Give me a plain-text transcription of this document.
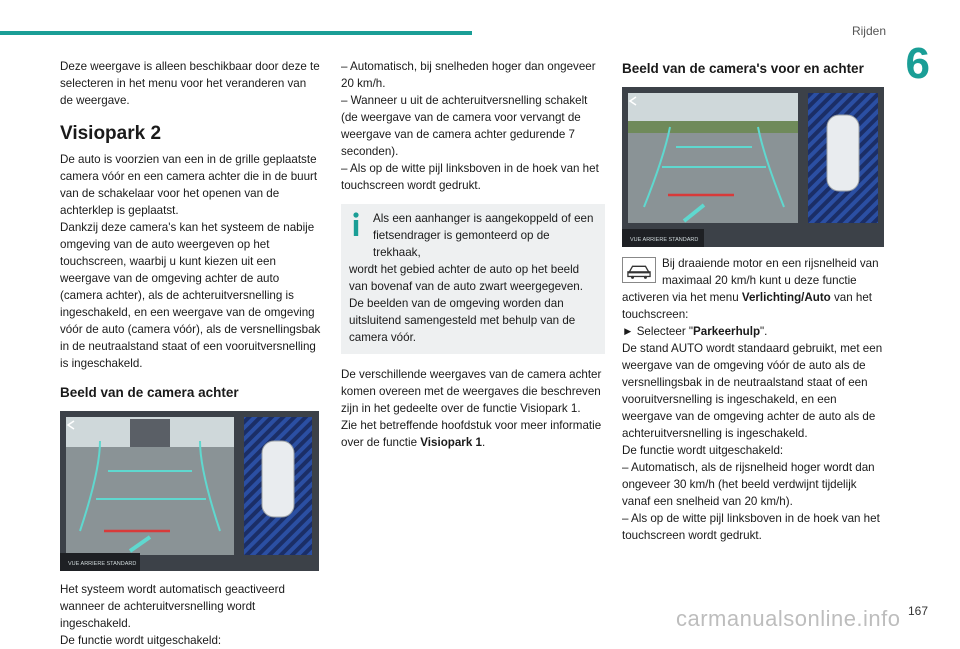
Rijden
6

Deze weergave is alleen beschikbaar door deze te selecteren in het menu voor het veranderen van de weergave.

Visiopark 2

De auto is voorzien van een in de grille geplaatste camera vóór en een camera achter die in de buurt van de schakelaar voor het openen van de achterklep is geplaatst.
Dankzij deze camera's kan het systeem de nabije omgeving van de auto weergeven op het touchscreen, waarbij u kunt kiezen uit een weergave van de omgeving achter de auto (camera achter), als de achteruitversnelling is ingeschakeld, en een weergave van de omgeving vóór de auto (camera vóór), als de versnellingsbak in de neutraalstand staat of een vooruitversnelling is ingeschakeld.

Beeld van de camera achter
VUE ARRIERE STANDARD

Het systeem wordt automatisch geactiveerd wanneer de achteruitversnelling wordt ingeschakeld.
De functie wordt uitgeschakeld:

– Automatisch, bij snelheden hoger dan ongeveer 20 km/h.
– Wanneer u uit de achteruitversnelling schakelt (de weergave van de camera voor vervangt de weergave van de camera achter gedurende 7 seconden).
– Als op de witte pijl linksboven in de hoek van het touchscreen wordt gedrukt.

Als een aanhanger is aangekoppeld of een fietsendrager is gemonteerd op de trekhaak,

wordt het gebied achter de auto op het beeld van bovenaf van de auto zwart weergegeven.
De beelden van de omgeving worden dan uitsluitend samengesteld met behulp van de camera vóór.

De verschillende weergaves van de camera achter komen overeen met de weergaves die beschreven zijn in het gedeelte over de functie Visiopark 1.
Zie het betreffende hoofdstuk voor meer informatie over de functie Visiopark 1.

Beeld van de camera's voor en achter
VUE ARRIERE STANDARD

Bij draaiende motor en een rijsnelheid van maximaal 20 km/h kunt u deze functie

activeren via het menu Verlichting/Auto van het touchscreen:

► Selecteer "Parkeerhulp".

De stand AUTO wordt standaard gebruikt, met een weergave van de omgeving vóór de auto als de versnellingsbak in de neutraalstand staat of een vooruitversnelling is ingeschakeld, en een weergave van de omgeving achter de auto als de achteruitversnelling is ingeschakeld.
De functie wordt uitgeschakeld:
– Automatisch, als de rijsnelheid hoger wordt dan ongeveer 30 km/h (het beeld verdwijnt tijdelijk vanaf een snelheid van 20 km/h).
– Als op de witte pijl linksboven in de hoek van het touchscreen wordt gedrukt.

carmanualsonline.info 167
